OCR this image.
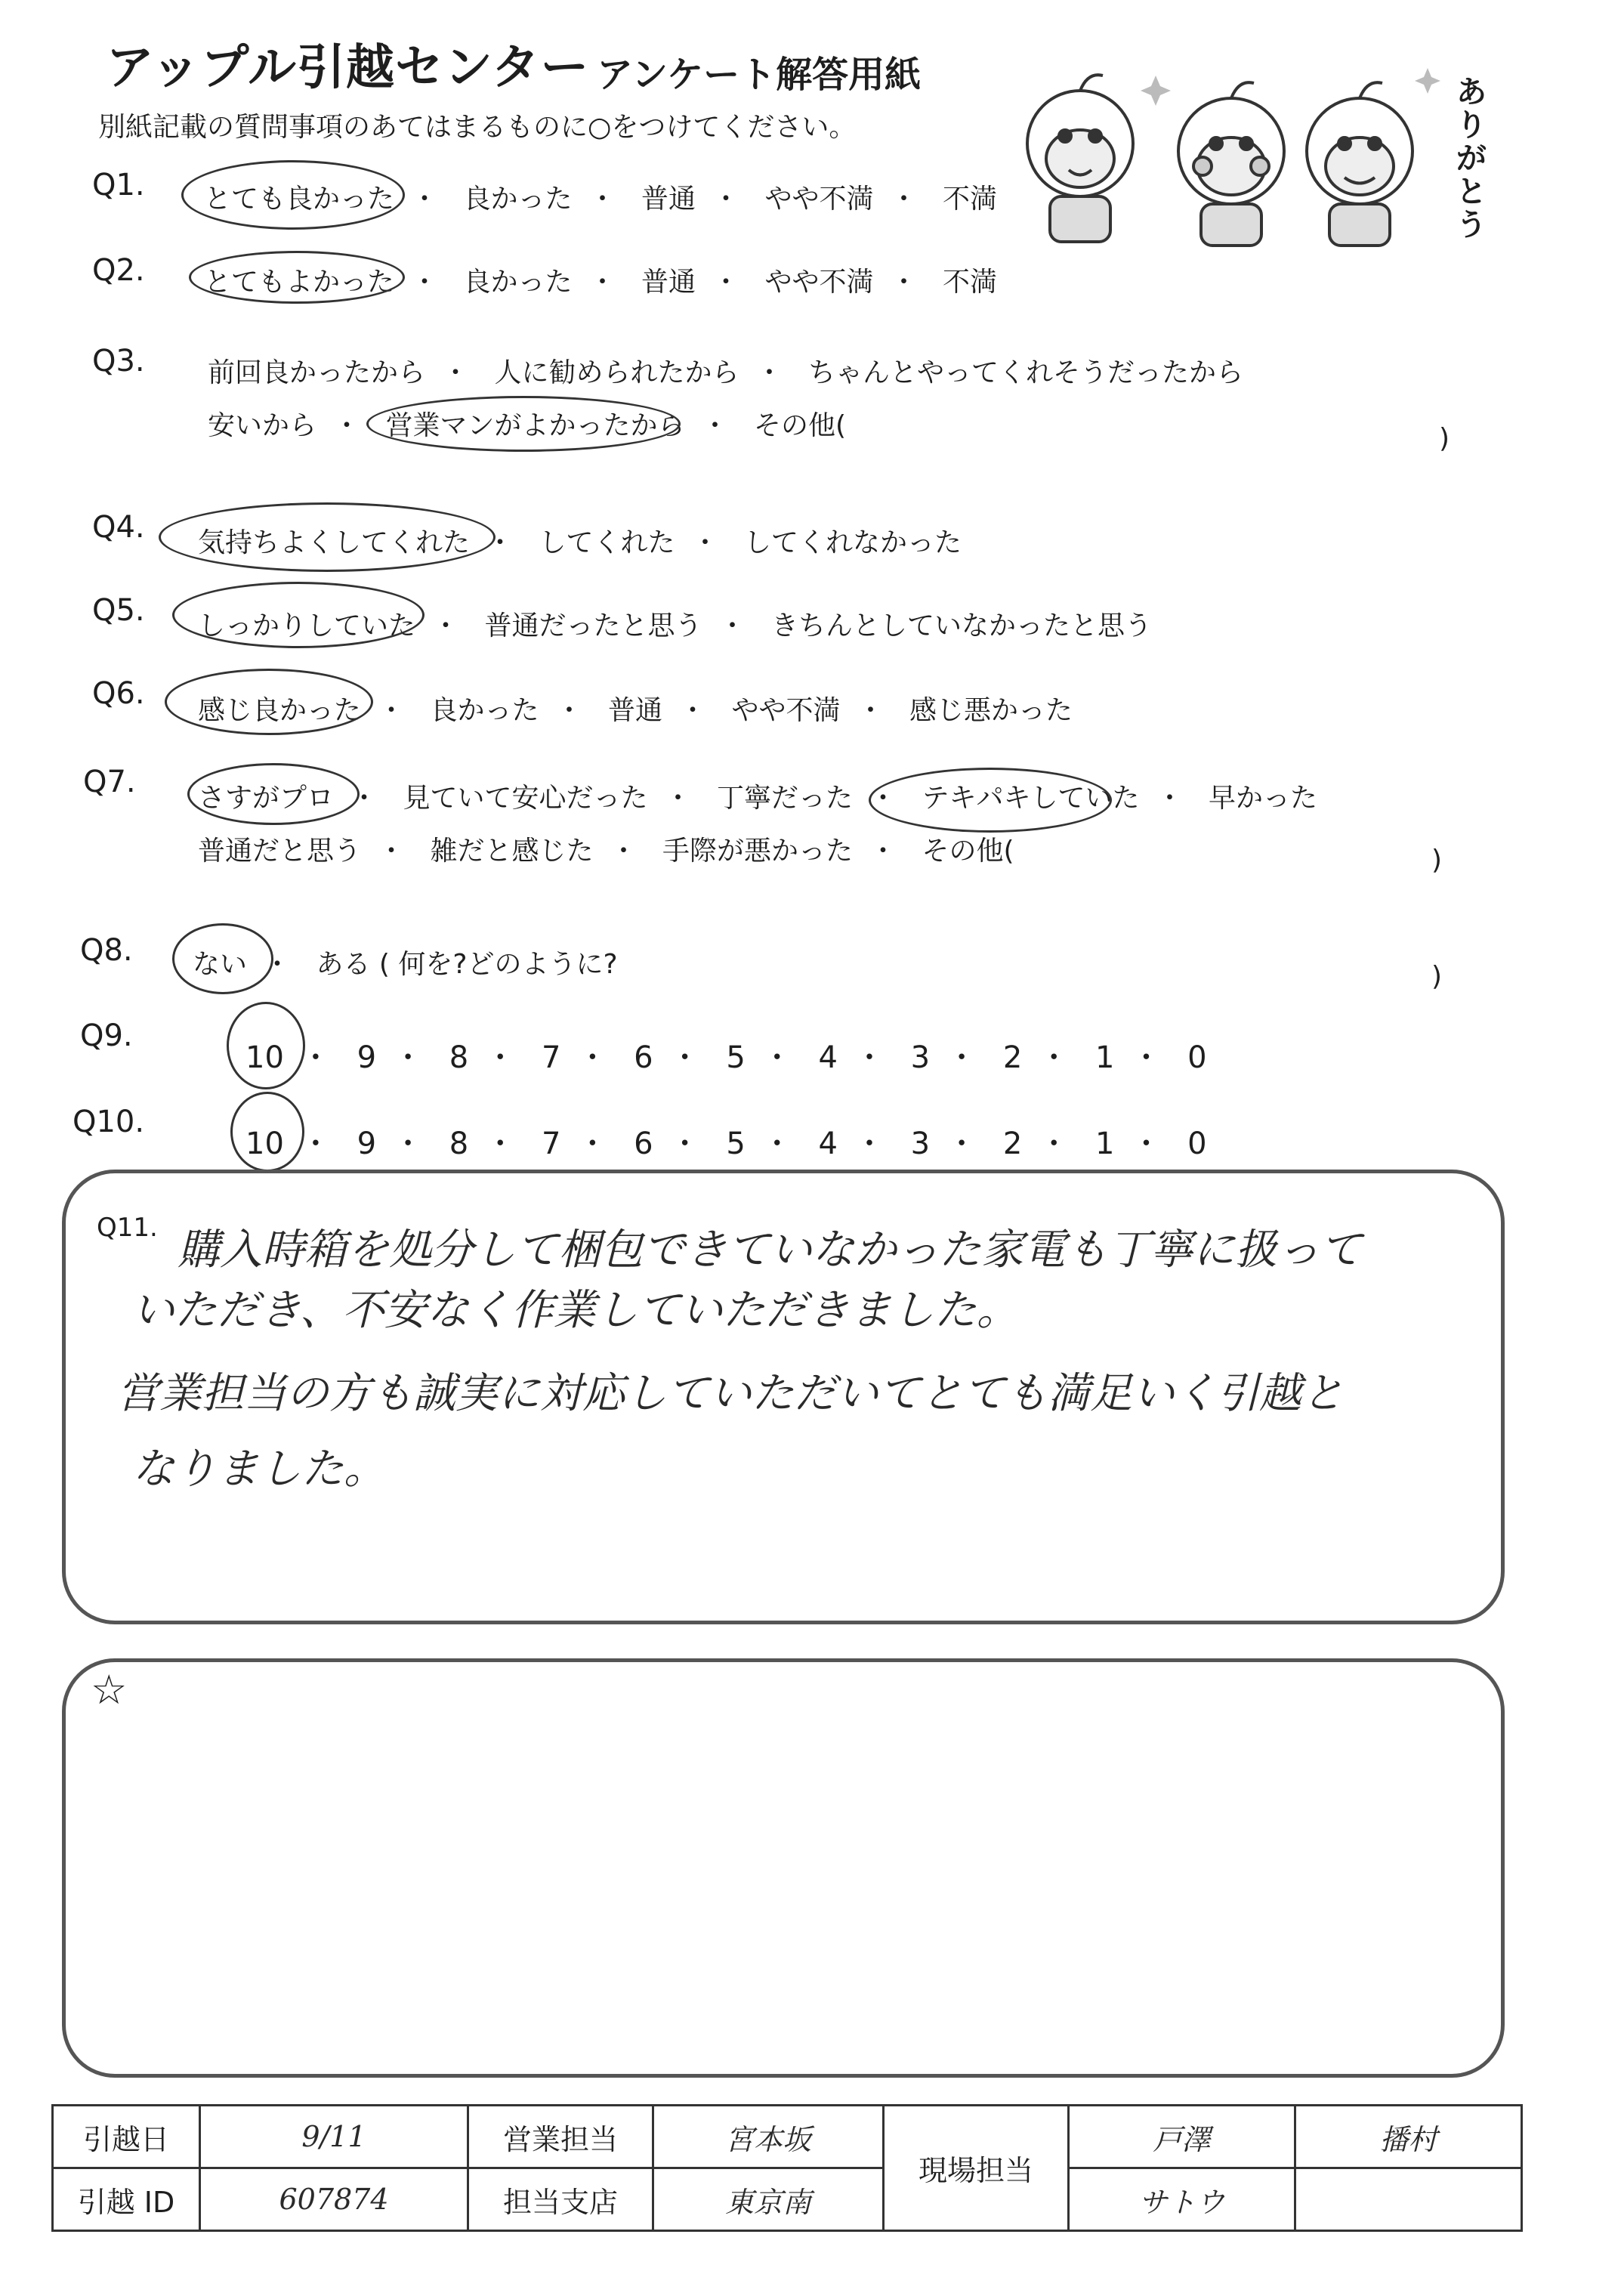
アップル引越センター アンケート解答用紙
別紙記載の質問事項のあてはまるものに○をつけてください。
ありがとう
Q1. とても良かった ・ 良かった ・ 普通 ・ やや不満 ・ 不満
Q2. とてもよかった ・ 良かった ・ 普通 ・ やや不満 ・ 不満
Q3. 前回良かったから ・ 人に勧められたから ・ ちゃんとやってくれそうだったから
安いから ・ 営業マンがよかったから ・ その他(	)
Q4. 気持ちよくしてくれた ・ してくれた ・ してくれなかった
Q5. しっかりしていた ・ 普通だったと思う ・ きちんとしていなかったと思う
Q6. 感じ良かった ・ 良かった ・ 普通 ・ やや不満 ・ 感じ悪かった
Q7. さすがプロ ・ 見ていて安心だった ・ 丁寧だった ・ テキパキしていた ・ 早かった
普通だと思う ・ 雑だと感じた ・ 手際が悪かった ・ その他(	)
Q8. ない ・ ある ( 何を?どのように?	)
Q9.
10 ・ 9 ・ 8 ・ 7 ・ 6 ・ 5 ・ 4 ・ 3 ・ 2 ・ 1 ・ 0
Q10.
10 ・ 9 ・ 8 ・ 7 ・ 6 ・ 5 ・ 4 ・ 3 ・ 2 ・ 1 ・ 0
Q11. 購入時箱を処分して梱包できていなかった家電も丁寧に扱って
いただき、不安なく作業していただきました。
営業担当の方も誠実に対応していただいてとても満足いく引越と
なりました。
☆
引越日	9/11	営業担当	宮本坂	現場担当	戸澤	播村
引越 ID	607874	担当支店	東京南		サトウ	
